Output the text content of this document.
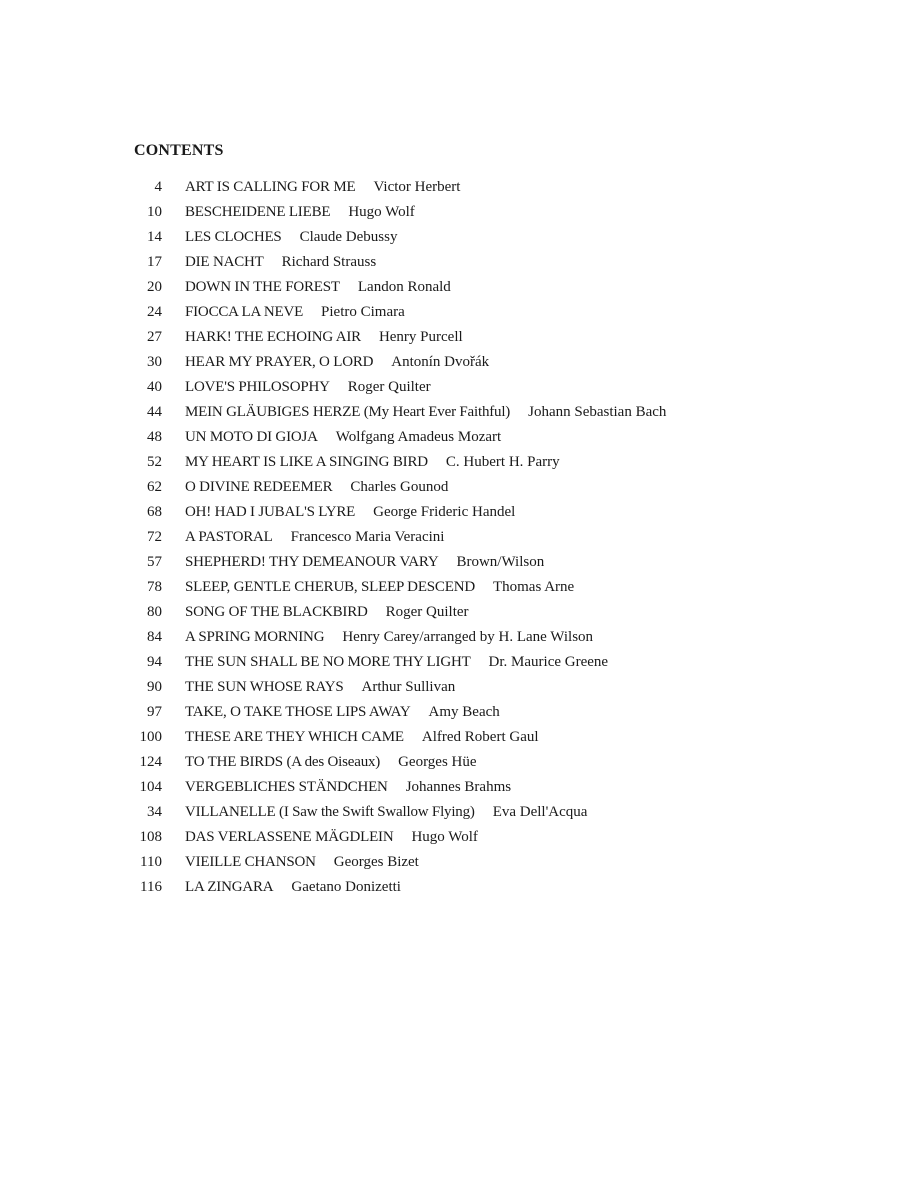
CONTENTS
4 ART IS CALLING FOR ME Victor Herbert
10 BESCHEIDENE LIEBE Hugo Wolf
14 LES CLOCHES Claude Debussy
17 DIE NACHT Richard Strauss
20 DOWN IN THE FOREST Landon Ronald
24 FIOCCA LA NEVE Pietro Cimara
27 HARK! THE ECHOING AIR Henry Purcell
30 HEAR MY PRAYER, O LORD Antonín Dvořák
40 LOVE'S PHILOSOPHY Roger Quilter
44 MEIN GLÄUBIGES HERZE (My Heart Ever Faithful) Johann Sebastian Bach
48 UN MOTO DI GIOJA Wolfgang Amadeus Mozart
52 MY HEART IS LIKE A SINGING BIRD C. Hubert H. Parry
62 O DIVINE REDEEMER Charles Gounod
68 OH! HAD I JUBAL'S LYRE George Frideric Handel
72 A PASTORAL Francesco Maria Veracini
57 SHEPHERD! THY DEMEANOUR VARY Brown/Wilson
78 SLEEP, GENTLE CHERUB, SLEEP DESCEND Thomas Arne
80 SONG OF THE BLACKBIRD Roger Quilter
84 A SPRING MORNING Henry Carey/arranged by H. Lane Wilson
94 THE SUN SHALL BE NO MORE THY LIGHT Dr. Maurice Greene
90 THE SUN WHOSE RAYS Arthur Sullivan
97 TAKE, O TAKE THOSE LIPS AWAY Amy Beach
100 THESE ARE THEY WHICH CAME Alfred Robert Gaul
124 TO THE BIRDS (A des Oiseaux) Georges Hüe
104 VERGEBLICHES STÄNDCHEN Johannes Brahms
34 VILLANELLE (I Saw the Swift Swallow Flying) Eva Dell'Acqua
108 DAS VERLASSENE MÄGDLEIN Hugo Wolf
110 VIEILLE CHANSON Georges Bizet
116 LA ZINGARA Gaetano Donizetti
